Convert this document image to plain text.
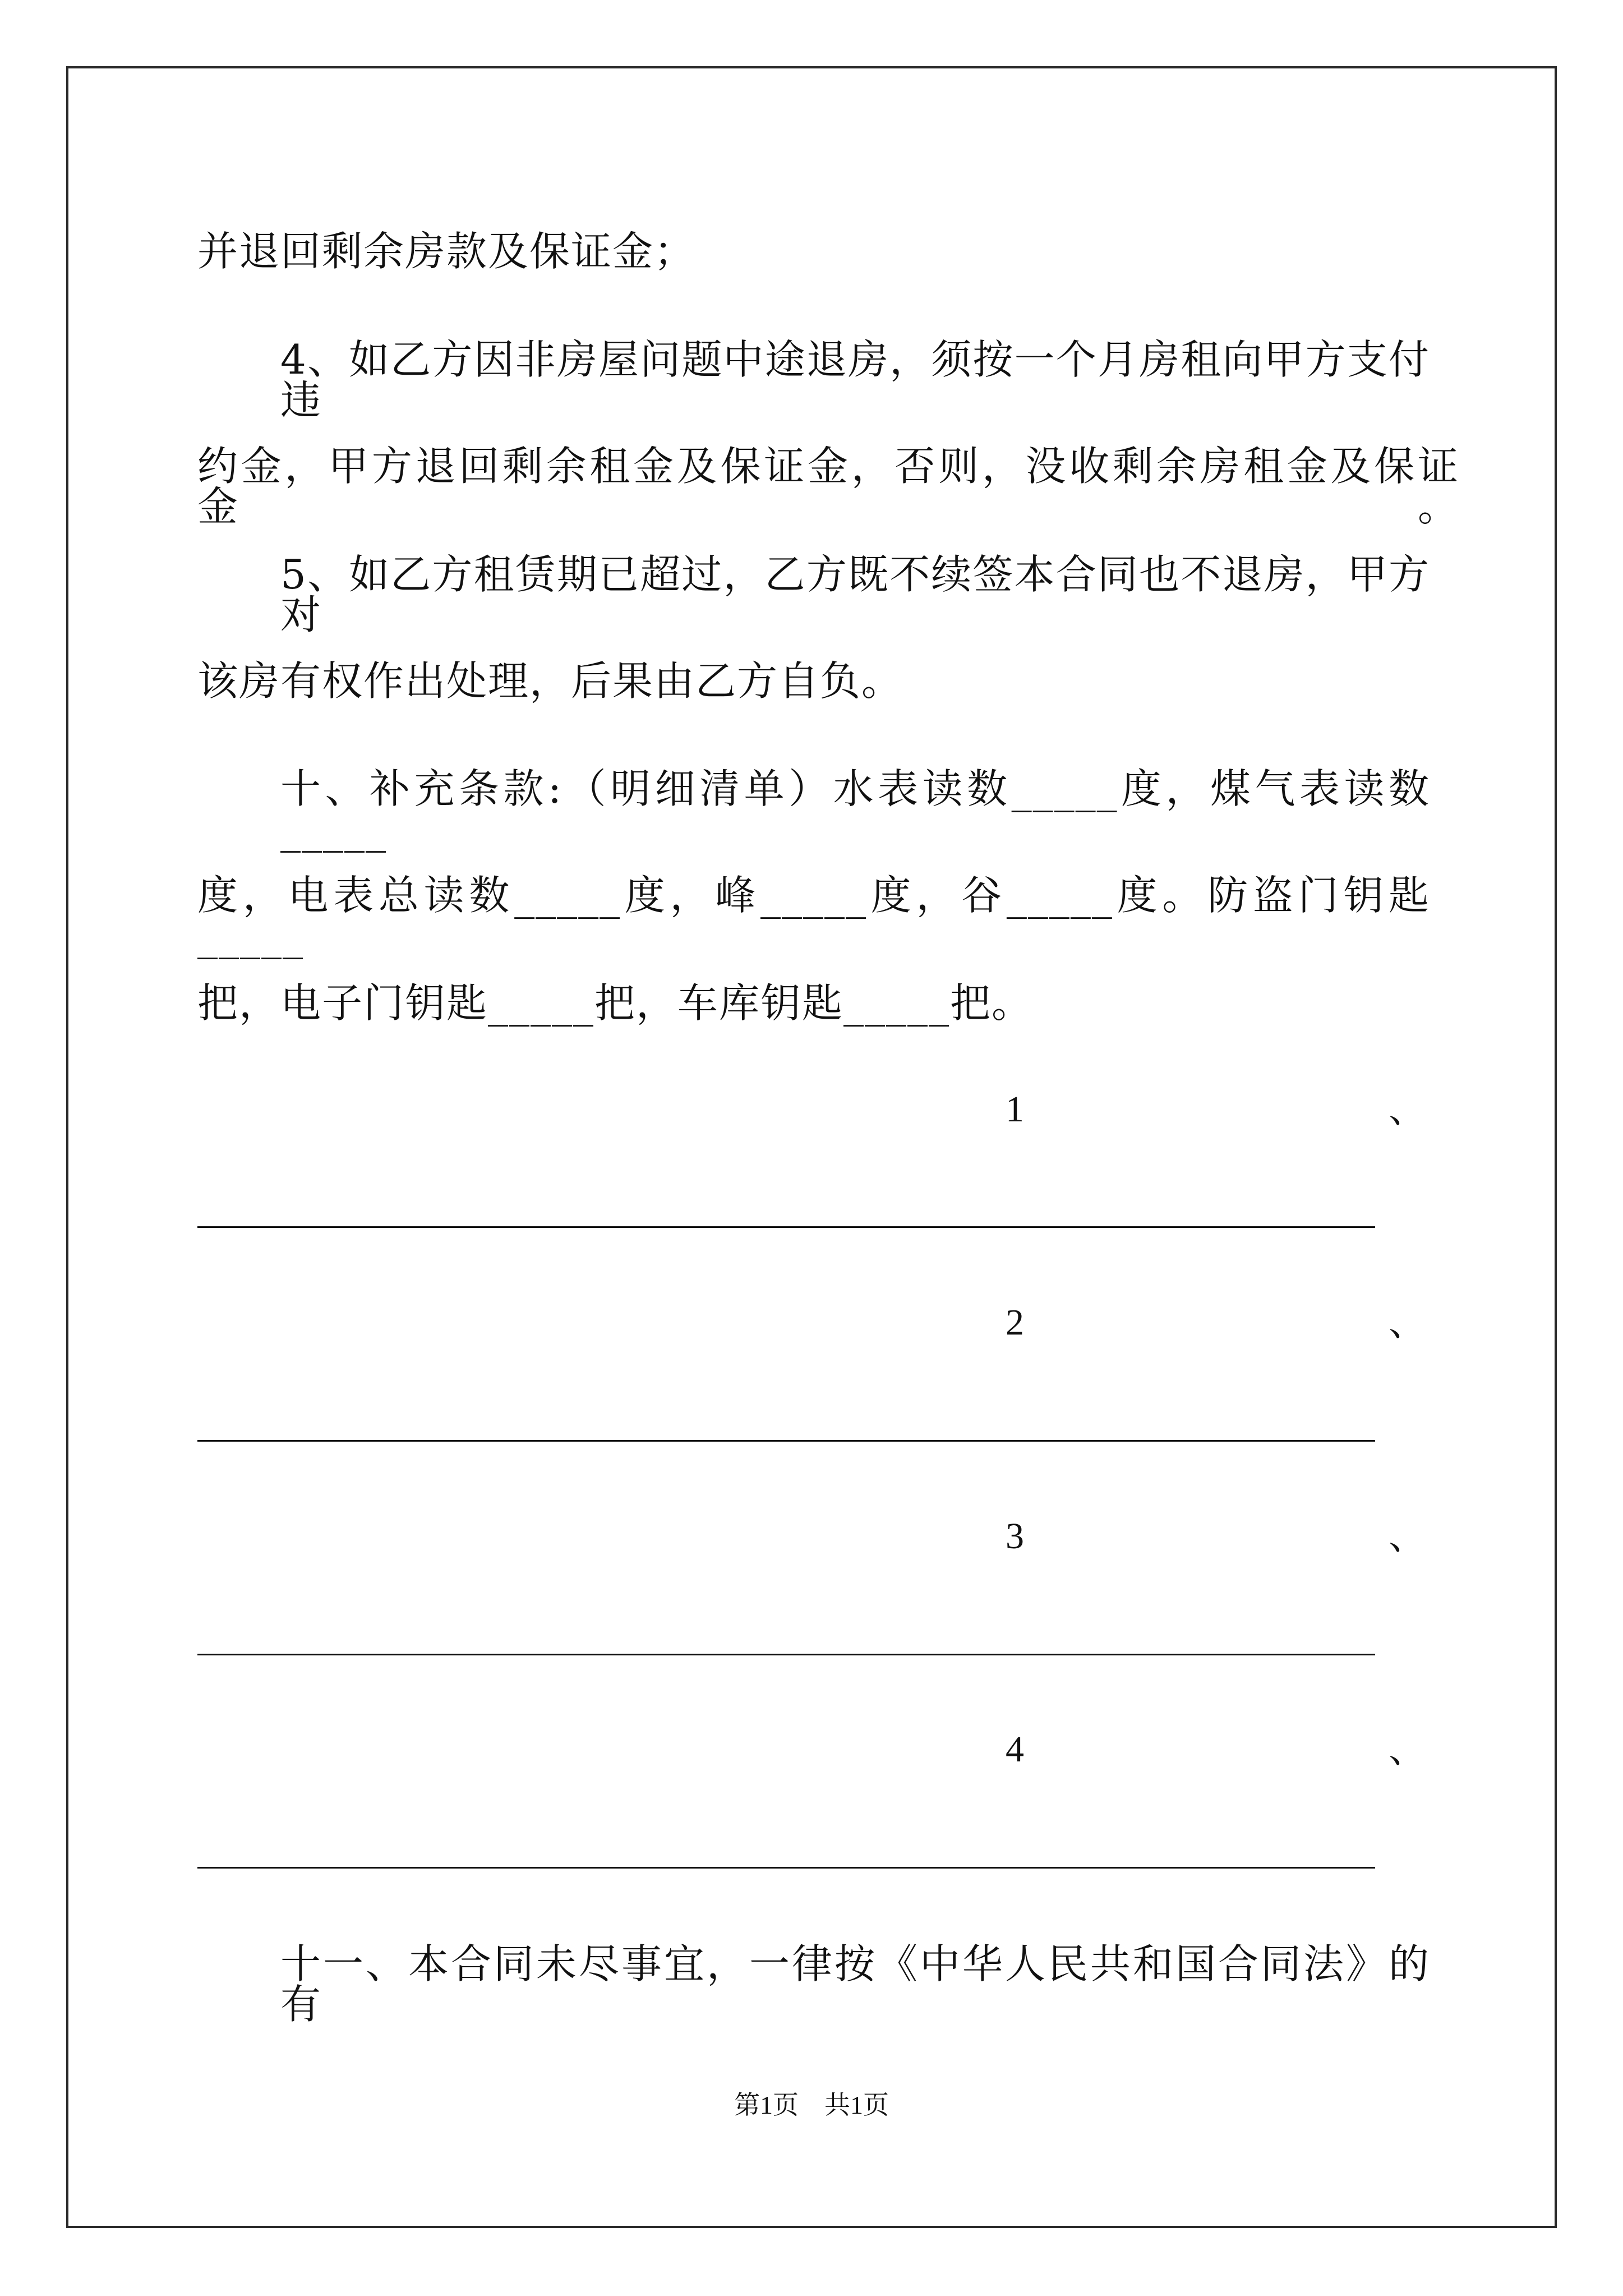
并退回剩余房款及保证金；
4、如乙方因非房屋问题中途退房，须按一个月房租向甲方支付违
约金，甲方退回剩余租金及保证金，否则，没收剩余房租金及保证金。
5、如乙方租赁期已超过，乙方既不续签本合同也不退房，甲方对
该房有权作出处理，后果由乙方自负。
十、补充条款:（明细清单）水表读数_____度，煤气表读数_____
度，电表总读数_____度，峰_____度，谷_____度。防盗门钥匙_____
把，电子门钥匙_____把，车库钥匙_____把。
1	、
2	、
3	、
4	、
十一、本合同未尽事宜，一律按《中华人民共和国合同法》的有
第1页　共1页
